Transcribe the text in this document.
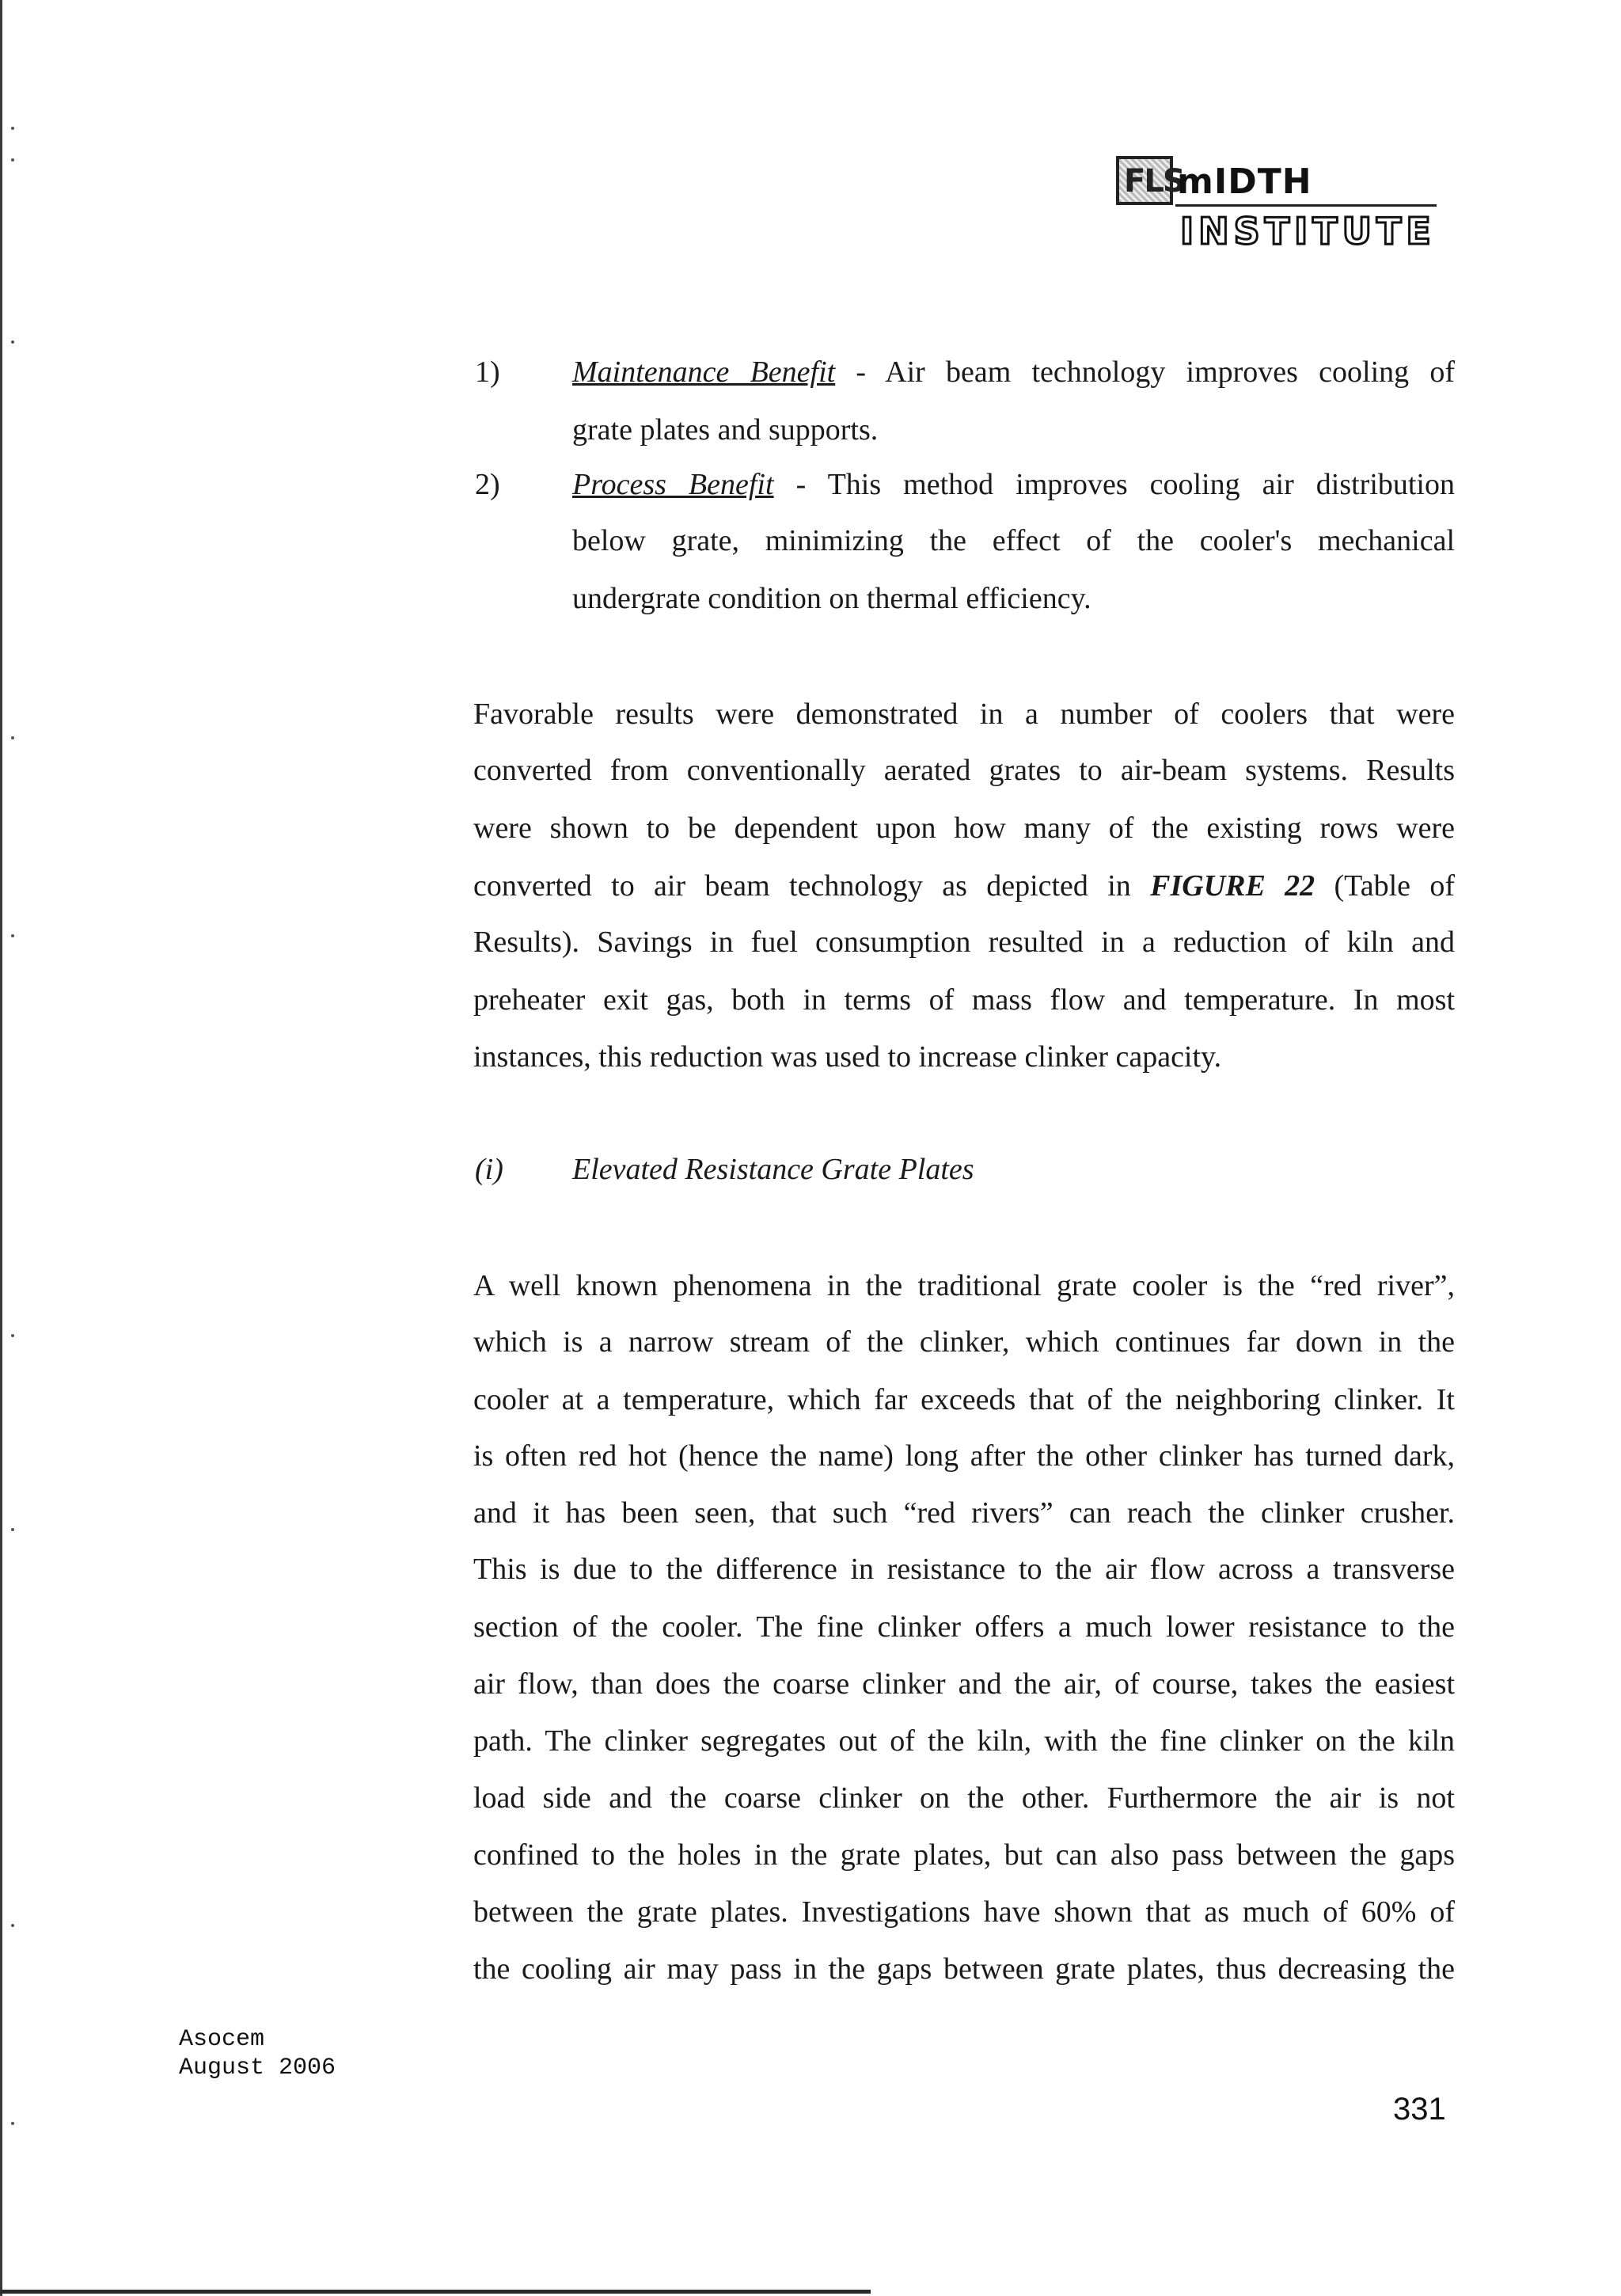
FLS
mIDTH
INSTITUTE
1) Maintenance Benefit - Air beam technology improves cooling of
grate plates and supports.
2) Process Benefit - This method improves cooling air distribution
below grate, minimizing the effect of the cooler's mechanical
undergrate condition on thermal efficiency.
Favorable results were demonstrated in a number of coolers that were
converted from conventionally aerated grates to air-beam systems. Results
were shown to be dependent upon how many of the existing rows were
converted to air beam technology as depicted in FIGURE 22 (Table of
Results). Savings in fuel consumption resulted in a reduction of kiln and
preheater exit gas, both in terms of mass flow and temperature. In most
instances, this reduction was used to increase clinker capacity.
(i) Elevated Resistance Grate Plates
A well known phenomena in the traditional grate cooler is the “red river”,
which is a narrow stream of the clinker, which continues far down in the
cooler at a temperature, which far exceeds that of the neighboring clinker. It
is often red hot (hence the name) long after the other clinker has turned dark,
and it has been seen, that such “red rivers” can reach the clinker crusher.
This is due to the difference in resistance to the air flow across a transverse
section of the cooler. The fine clinker offers a much lower resistance to the
air flow, than does the coarse clinker and the air, of course, takes the easiest
path. The clinker segregates out of the kiln, with the fine clinker on the kiln
load side and the coarse clinker on the other. Furthermore the air is not
confined to the holes in the grate plates, but can also pass between the gaps
between the grate plates. Investigations have shown that as much of 60% of
the cooling air may pass in the gaps between grate plates, thus decreasing the
Asocem
August 2006
331
